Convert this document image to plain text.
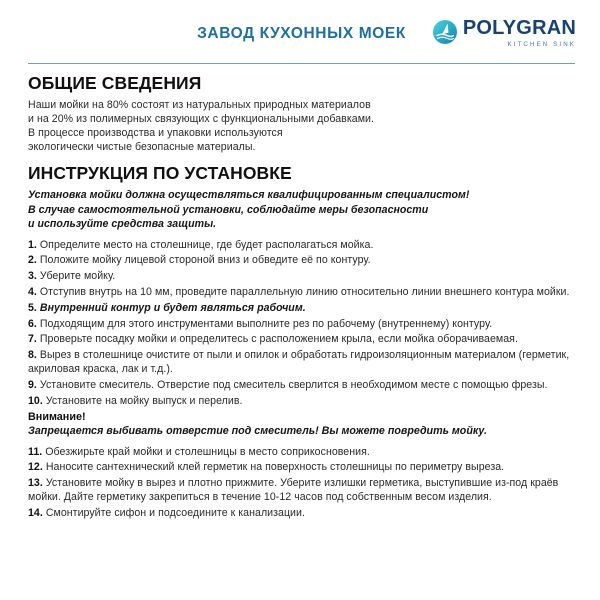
ЗАВОД КУХОННЫХ МОЕК	POLYGRAN
KITCHEN SINK
ОБЩИЕ СВЕДЕНИЯ

Наши мойки на 80% состоят из натуральных природных материалов

и на 20% из полимерных связующих с функциональными добавками.

В процессе производства и упаковки используются

экологически чистые безопасные материалы.

ИНСТРУКЦИЯ ПО УСТАНОВКЕ

Установка мойки должна осуществляться квалифицированным специалистом!

В случае самостоятельной установки, соблюдайте меры безопасности

и используйте средства защиты.

1. Определите место на столешнице, где будет располагаться мойка.
2. Положите мойку лицевой стороной вниз и обведите её по контуру.
3. Уберите мойку.
4. Отступив внутрь на 10 мм, проведите параллельную линию относительно линии внешнего контура мойки.
5. Внутренний контур и будет являться рабочим.
6. Подходящим для этого инструментами выполните рез по рабочему (внутреннему) контуру.
7. Проверьте посадку мойки и определитесь с расположением крыла, если мойка оборачиваемая.
8. Вырез в столешнице очистите от пыли и опилок и обработать гидроизоляционным материалом (герметик, акриловая краска, лак и т.д.).
9. Установите смеситель. Отверстие под смеситель сверлится в необходимом месте с помощью фрезы.
10. Установите на мойку выпуск и перелив.

Внимание!

Запрещается выбивать отверстие под смеситель! Вы можете повредить мойку.

11. Обезжирьте край мойки и столешницы в место соприкосновения.
12. Наносите сантехнический клей герметик на поверхность столешницы по периметру выреза.
13. Установите мойку в вырез и плотно прижмите. Уберите излишки герметика, выступившие из-под краёв мойки. Дайте герметику закрепиться в течение 10-12 часов под собственным весом изделия.
14. Смонтируйте сифон и подсоедините к канализации.
